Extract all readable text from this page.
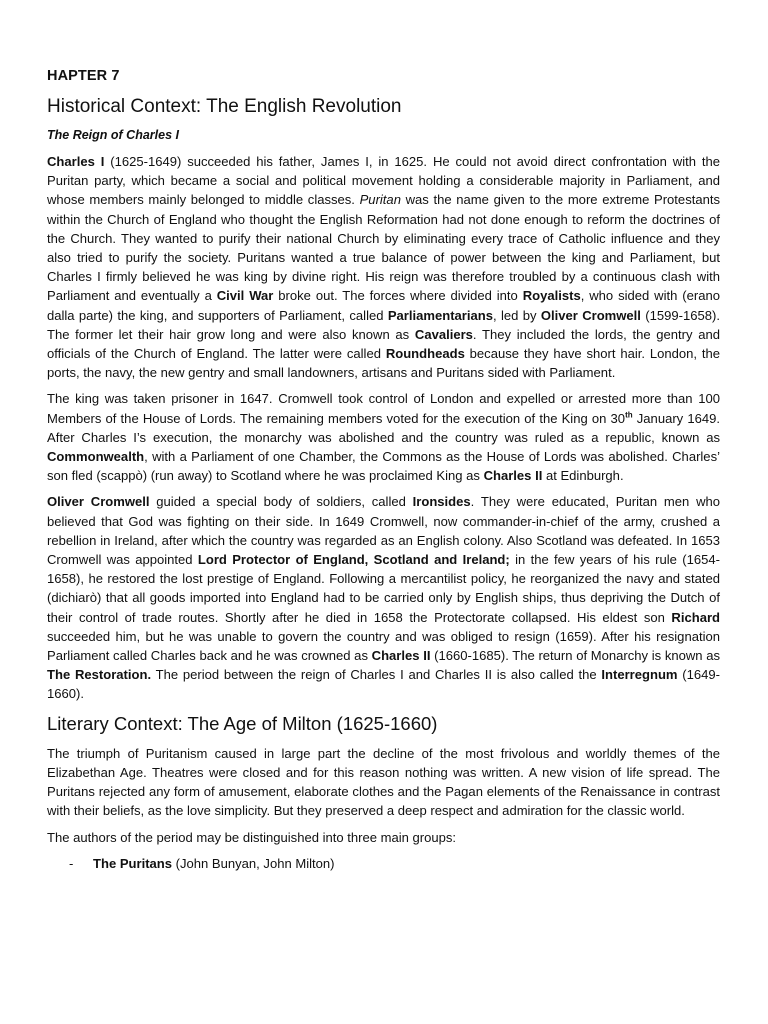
HAPTER 7
Historical Context: The English Revolution
The Reign of Charles I

Charles I (1625-1649) succeeded his father, James I, in 1625. He could not avoid direct confrontation with the Puritan party, which became a social and political movement holding a considerable majority in Parliament, and whose members mainly belonged to middle classes. Puritan was the name given to the more extreme Protestants within the Church of England who thought the English Reformation had not done enough to reform the doctrines of the Church. They wanted to purify their national Church by eliminating every trace of Catholic influence and they also tried to purify the society. Puritans wanted a true balance of power between the king and Parliament, but Charles I firmly believed he was king by divine right. His reign was therefore troubled by a continuous clash with Parliament and eventually a Civil War broke out. The forces where divided into Royalists, who sided with (erano dalla parte) the king, and supporters of Parliament, called Parliamentarians, led by Oliver Cromwell (1599-1658). The former let their hair grow long and were also known as Cavaliers. They included the lords, the gentry and officials of the Church of England. The latter were called Roundheads because they have short hair. London, the ports, the navy, the new gentry and small landowners, artisans and Puritans sided with Parliament.

The king was taken prisoner in 1647. Cromwell took control of London and expelled or arrested more than 100 Members of the House of Lords. The remaining members voted for the execution of the King on 30th January 1649. After Charles I’s execution, the monarchy was abolished and the country was ruled as a republic, known as Commonwealth, with a Parliament of one Chamber, the Commons as the House of Lords was abolished. Charles’ son fled (scappò) (run away) to Scotland where he was proclaimed King as Charles II at Edinburgh.

Oliver Cromwell guided a special body of soldiers, called Ironsides. They were educated, Puritan men who believed that God was fighting on their side. In 1649 Cromwell, now commander-in-chief of the army, crushed a rebellion in Ireland, after which the country was regarded as an English colony. Also Scotland was defeated. In 1653 Cromwell was appointed Lord Protector of England, Scotland and Ireland; in the few years of his rule (1654-1658), he restored the lost prestige of England. Following a mercantilist policy, he reorganized the navy and stated (dichiarò) that all goods imported into England had to be carried only by English ships, thus depriving the Dutch of their control of trade routes. Shortly after he died in 1658 the Protectorate collapsed. His eldest son Richard succeeded him, but he was unable to govern the country and was obliged to resign (1659). After his resignation Parliament called Charles back and he was crowned as Charles II (1660-1685). The return of Monarchy is known as The Restoration. The period between the reign of Charles I and Charles II is also called the Interregnum (1649-1660).

Literary Context: The Age of Milton (1625-1660)

The triumph of Puritanism caused in large part the decline of the most frivolous and worldly themes of the Elizabethan Age. Theatres were closed and for this reason nothing was written. A new vision of life spread. The Puritans rejected any form of amusement, elaborate clothes and the Pagan elements of the Renaissance in contrast with their beliefs, as the love simplicity. But they preserved a deep respect and admiration for the classic world.

The authors of the period may be distinguished into three main groups:

- The Puritans (John Bunyan, John Milton)
